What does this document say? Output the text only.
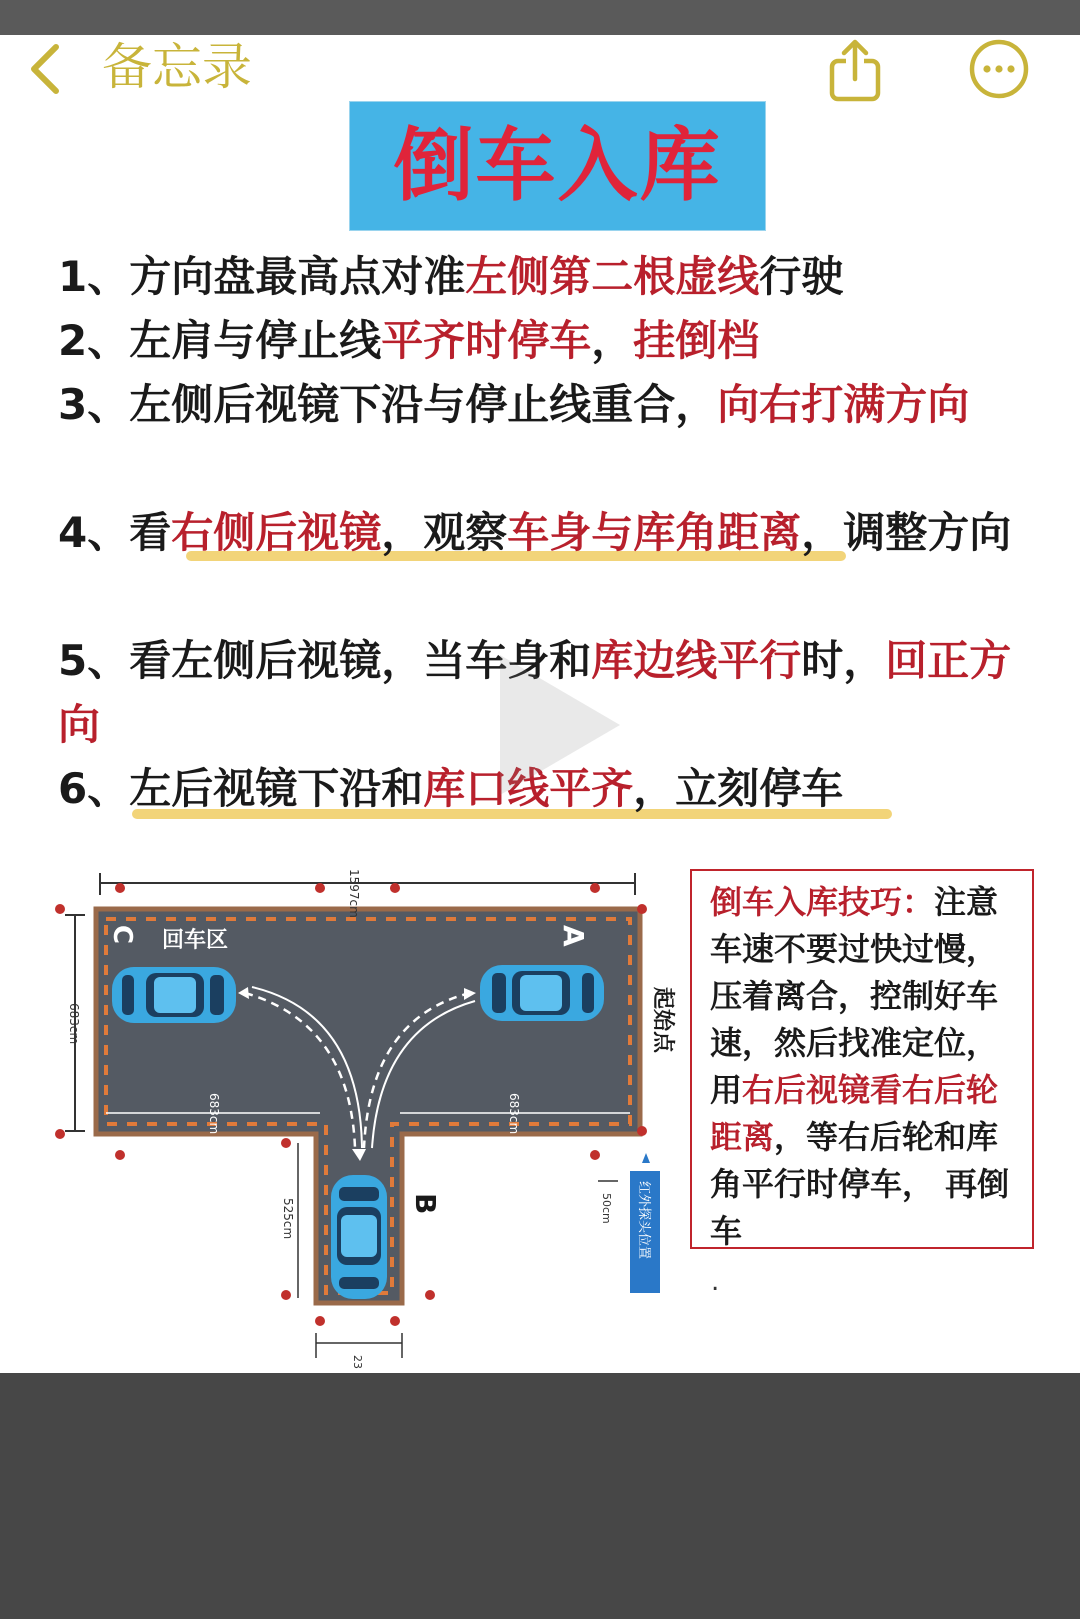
备忘录
倒车入库
1、方向盘最高点对准左侧第二根虚线行驶
2、左肩与停止线平齐时停车，挂倒档
3、左侧后视镜下沿与停止线重合，向右打满方向
4、看右侧后视镜，观察车身与库角距离，调整方向
5、看左侧后视镜，当车身和库边线平行时，回正方向
6、左后视镜下沿和库口线平齐，立刻停车
1597cm
683cm
C 回车区	A
683cm	683cm
525cm	B	50cm
起始点
红外探头位置
23
倒车入库技巧：注意车速不要过快过慢，压着离合，控制好车速，然后找准定位，用右后视镜看右后轮距离，等右后轮和库角平行时停车， 再倒车
.
